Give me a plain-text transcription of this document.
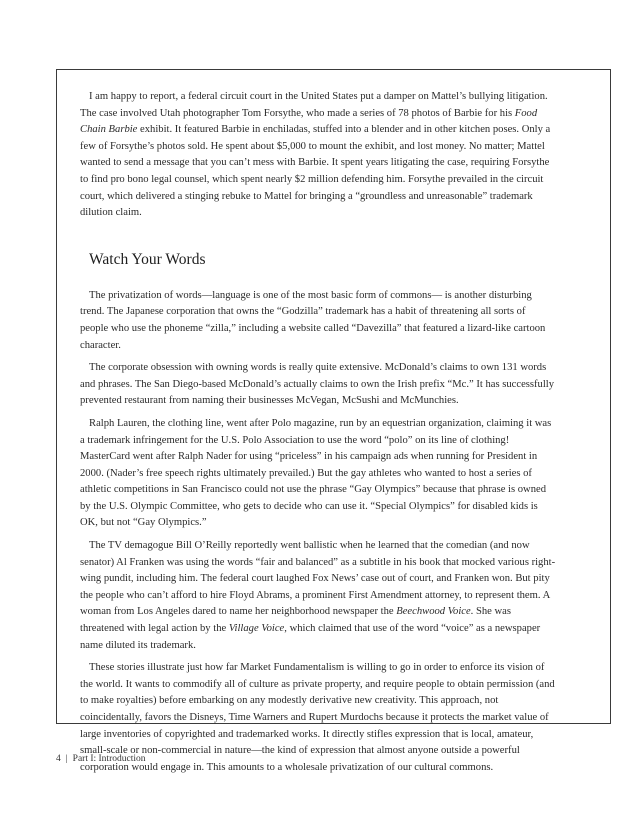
I am happy to report, a federal circuit court in the United States put a damper on Mattel’s bullying litigation. The case involved Utah photographer Tom Forsythe, who made a series of 78 photos of Barbie for his Food Chain Barbie exhibit. It featured Barbie in enchiladas, stuffed into a blender and in other kitchen poses. Only a few of Forsythe’s photos sold. He spent about $5,000 to mount the exhibit, and lost money. No matter; Mattel wanted to send a message that you can’t mess with Barbie. It spent years litigating the case, requiring Forsythe to find pro bono legal counsel, which spent nearly $2 million defending him. Forsythe prevailed in the circuit court, which delivered a stinging rebuke to Mattel for bringing a “groundless and unreasonable” trademark dilution claim.

Watch Your Words

The privatization of words—language is one of the most basic form of commons— is another disturbing trend. The Japanese corporation that owns the “Godzilla” trademark has a habit of threatening all sorts of people who use the phoneme “zilla,” including a website called “Davezilla” that featured a lizard-like cartoon character.

The corporate obsession with owning words is really quite extensive. McDonald’s claims to own 131 words and phrases. The San Diego-based McDonald’s actually claims to own the Irish prefix “Mc.” It has successfully prevented restaurant from naming their businesses McVegan, McSushi and McMunchies.

Ralph Lauren, the clothing line, went after Polo magazine, run by an equestrian organization, claiming it was a trademark infringement for the U.S. Polo Association to use the word “polo” on its line of clothing! MasterCard went after Ralph Nader for using “priceless” in his campaign ads when running for President in 2000. (Nader’s free speech rights ultimately prevailed.) But the gay athletes who wanted to host a series of athletic competitions in San Francisco could not use the phrase “Gay Olympics” because that phrase is owned by the U.S. Olympic Committee, who gets to decide who can use it. “Special Olympics” for disabled kids is OK, but not “Gay Olympics.”

The TV demagogue Bill O’Reilly reportedly went ballistic when he learned that the comedian (and now senator) Al Franken was using the words “fair and balanced” as a subtitle in his book that mocked various right-wing pundit, including him. The federal court laughed Fox News’ case out of court, and Franken won. But pity the people who can’t afford to hire Floyd Abrams, a prominent First Amendment attorney, to represent them. A woman from Los Angeles dared to name her neighborhood newspaper the Beechwood Voice. She was threatened with legal action by the Village Voice, which claimed that use of the word “voice” as a newspaper name diluted its trademark.

These stories illustrate just how far Market Fundamentalism is willing to go in order to enforce its vision of the world. It wants to commodify all of culture as private property, and require people to obtain permission (and to make royalties) before embarking on any modestly derivative new creativity. This approach, not coincidentally, favors the Disneys, Time Warners and Rupert Murdochs because it protects the market value of large inventories of copyrighted and trademarked works. It directly stifles expression that is local, amateur, small-scale or non-commercial in nature—the kind of expression that almost anyone outside a powerful corporation would engage in. This amounts to a wholesale privatization of our cultural commons.

4 | Part I: Introduction
